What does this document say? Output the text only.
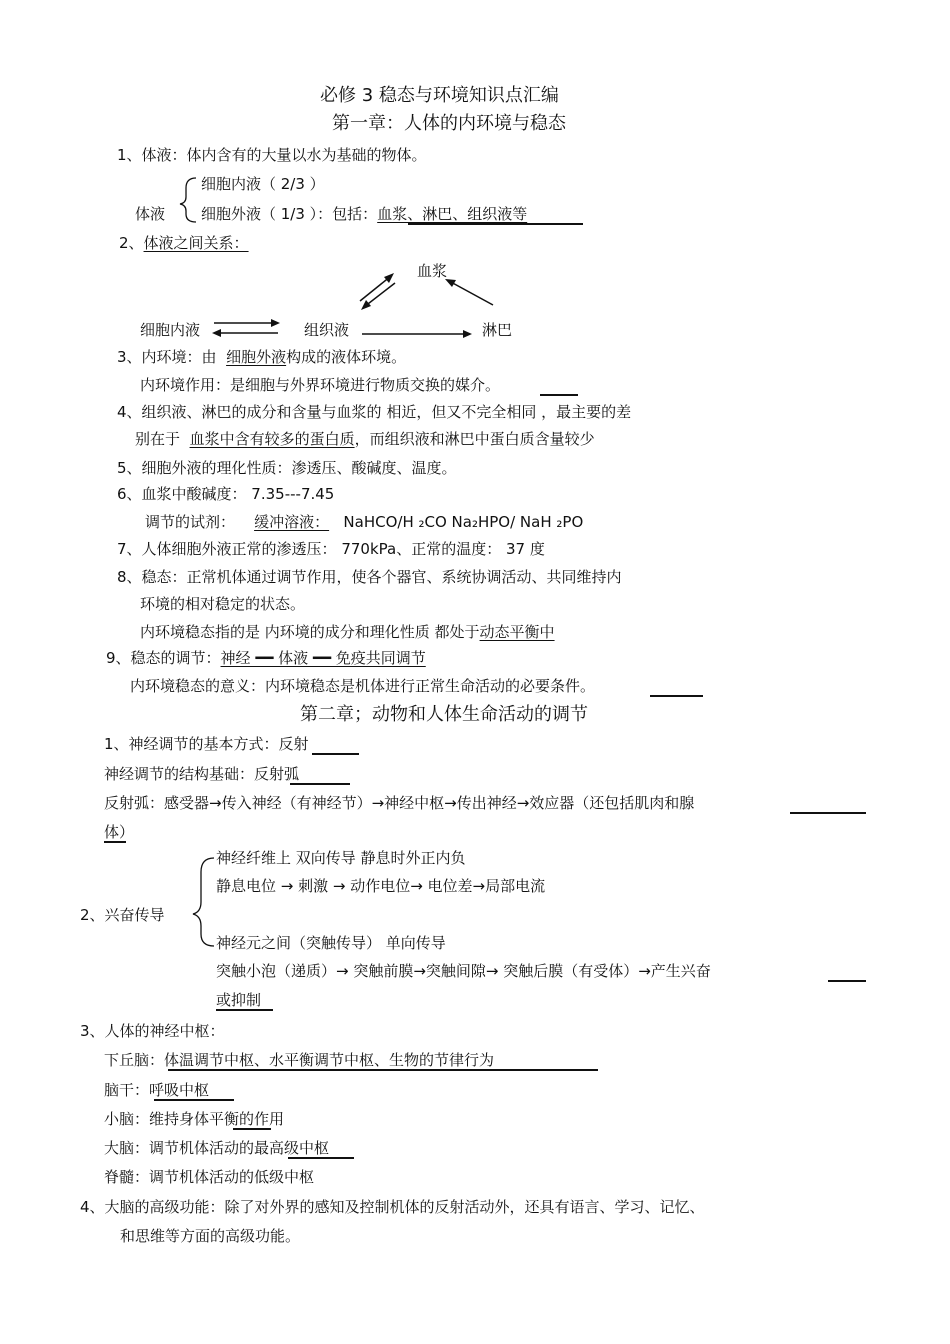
必修 3 稳态与环境知识点汇编
第一章：人体的内环境与稳态
1、体液：体内含有的大量以水为基础的物体。
细胞内液（ 2/3 ）
体液 细胞外液（ 1/3 ）：包括：血浆、淋巴、组织液等
2、体液之间关系：
血浆
细胞内液	组织液	淋巴
3、内环境：由 细胞外液构成的液体环境。
内环境作用：是细胞与外界环境进行物质交换的媒介。
4、组织液、淋巴的成分和含量与血浆的 相近，但又不完全相同 ，最主要的差
别在于 血浆中含有较多的蛋白质，而组织液和淋巴中蛋白质含量较少
5、细胞外液的理化性质：渗透压、酸碱度、温度。
6、血浆中酸碱度： 7.35---7.45
调节的试剂： 缓冲溶液： NaHCO/H ₂CO Na₂HPO/ NaH ₂PO
7、人体细胞外液正常的渗透压： 770kPa、正常的温度： 37 度
8、稳态：正常机体通过调节作用，使各个器官、系统协调活动、共同维持内
环境的相对稳定的状态。
内环境稳态指的是 内环境的成分和理化性质 都处于动态平衡中
9、稳态的调节：神经 ━━ 体液 ━━ 免疫共同调节
内环境稳态的意义：内环境稳态是机体进行正常生命活动的必要条件。
第二章；动物和人体生命活动的调节
1、神经调节的基本方式：反射
神经调节的结构基础：反射弧
反射弧：感受器→传入神经（有神经节）→神经中枢→传出神经→效应器（还包括肌肉和腺
体）
神经纤维上 双向传导 静息时外正内负
静息电位 → 刺激 → 动作电位→ 电位差→局部电流
2、兴奋传导
神经元之间（突触传导） 单向传导
突触小泡（递质）→ 突触前膜→突触间隙→ 突触后膜（有受体）→产生兴奋
或抑制
3、人体的神经中枢：
下丘脑：体温调节中枢、水平衡调节中枢、生物的节律行为
脑干：呼吸中枢
小脑：维持身体平衡的作用
大脑：调节机体活动的最高级中枢
脊髓：调节机体活动的低级中枢
4、大脑的高级功能：除了对外界的感知及控制机体的反射活动外，还具有语言、学习、记忆、
和思维等方面的高级功能。
